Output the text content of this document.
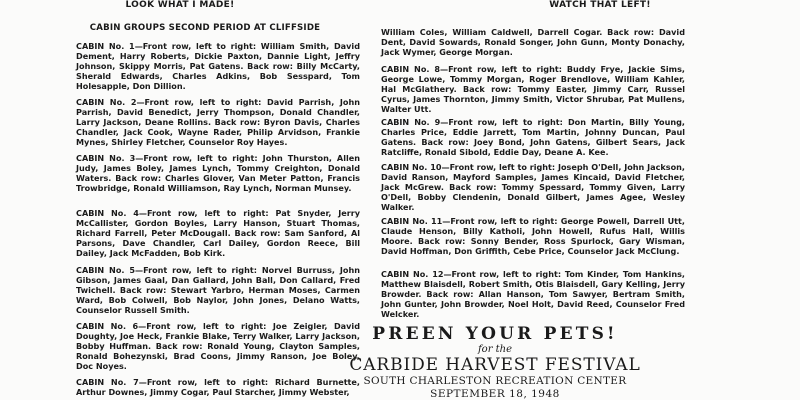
LOOK WHAT I MADE!
CABIN GROUPS SECOND PERIOD AT CLIFFSIDE

CABIN No. 1—Front row, left to right: William Smith, David Dement, Harry Roberts, Dickie Paxton, Dannie Light, Jeffry Johnson, Skippy Morris, Pat Gatens. Back row: Billy McCarty, Sherald Edwards, Charles Adkins, Bob Sesspard, Tom Holesapple, Don Dillion.

CABIN No. 2—Front row, left to right: David Parrish, John Parrish, David Benedict, Jerry Thompson, Donald Chandler, Larry Jackson, Deane Rollins. Back row: Byron Davis, Charles Chandler, Jack Cook, Wayne Rader, Philip Arvidson, Frankie Mynes, Shirley Fletcher, Counselor Roy Hayes.

CABIN No. 3—Front row, left to right: John Thurston, Allen Judy, James Boley, James Lynch, Tommy Creighton, Donald Waters. Back row: Charles Glover, Van Meter Patton, Francis Trowbridge, Ronald Williamson, Ray Lynch, Norman Munsey.

CABIN No. 4—Front row, left to right: Pat Snyder, Jerry McCallister, Gordon Boyles, Larry Hanson, Stuart Thomas, Richard Farrell, Peter McDougall. Back row: Sam Sanford, Al Parsons, Dave Chandler, Carl Dailey, Gordon Reece, Bill Dailey, Jack McFadden, Bob Kirk.

CABIN No. 5—Front row, left to right: Norvel Burruss, John Gibson, James Gaal, Dan Gallard, John Ball, Don Callard, Fred Twichell. Back row: Stewart Yarbro, Herman Moses, Carmen Ward, Bob Colwell, Bob Naylor, John Jones, Delano Watts, Counselor Russell Smith.

CABIN No. 6—Front row, left to right: Joe Zeigler, David Doughty, Joe Heck, Frankie Blake, Terry Walker, Larry Jackson, Bobby Huffman. Back row: Ronald Young, Clayton Samples, Ronald Bohezynski, Brad Coons, Jimmy Ranson, Joe Boley, Doc Noyes.

CABIN No. 7—Front row, left to right: Richard Burnette, Arthur Downes, Jimmy Cogar, Paul Starcher, Jimmy Webster,

WATCH THAT LEFT!

William Coles, William Caldwell, Darrell Cogar. Back row: David Dent, David Sowards, Ronald Songer, John Gunn, Monty Donachy, Jack Wymer, George Morgan.

CABIN No. 8—Front row, left to right: Buddy Frye, Jackie Sims, George Lowe, Tommy Morgan, Roger Brendlove, William Kahler, Hal McGlathery. Back row: Tommy Easter, Jimmy Carr, Russel Cyrus, James Thornton, Jimmy Smith, Victor Shrubar, Pat Mullens, Walter Utt.

CABIN No. 9—Front row, left to right: Don Martin, Billy Young, Charles Price, Eddie Jarrett, Tom Martin, Johnny Duncan, Paul Gatens. Back row: Joey Bond, John Gatens, Gilbert Sears, Jack Ratcliffe, Ronald Sibold, Eddie Day, Deane A. Kee.

CABIN No. 10—Front row, left to right: Joseph O'Dell, John Jackson, David Ranson, Mayford Samples, James Kincaid, David Fletcher, Jack McGrew. Back row: Tommy Spessard, Tommy Given, Larry O'Dell, Bobby Clendenin, Donald Gilbert, James Agee, Wesley Walker.

CABIN No. 11—Front row, left to right: George Powell, Darrell Utt, Claude Henson, Billy Katholi, John Howell, Rufus Hall, Willis Moore. Back row: Sonny Bender, Ross Spurlock, Gary Wisman, David Hoffman, Don Griffith, Cebe Price, Counselor Jack McClung.

CABIN No. 12—Front row, left to right: Tom Kinder, Tom Hankins, Matthew Blaisdell, Robert Smith, Otis Blaisdell, Gary Kelling, Jerry Browder. Back row: Allan Hanson, Tom Sawyer, Bertram Smith, John Gunter, John Browder, Noel Holt, David Reed, Counselor Fred Welcker.

PREEN YOUR PETS!
for the
CARBIDE HARVEST FESTIVAL
SOUTH CHARLESTON RECREATION CENTER
SEPTEMBER 18, 1948
